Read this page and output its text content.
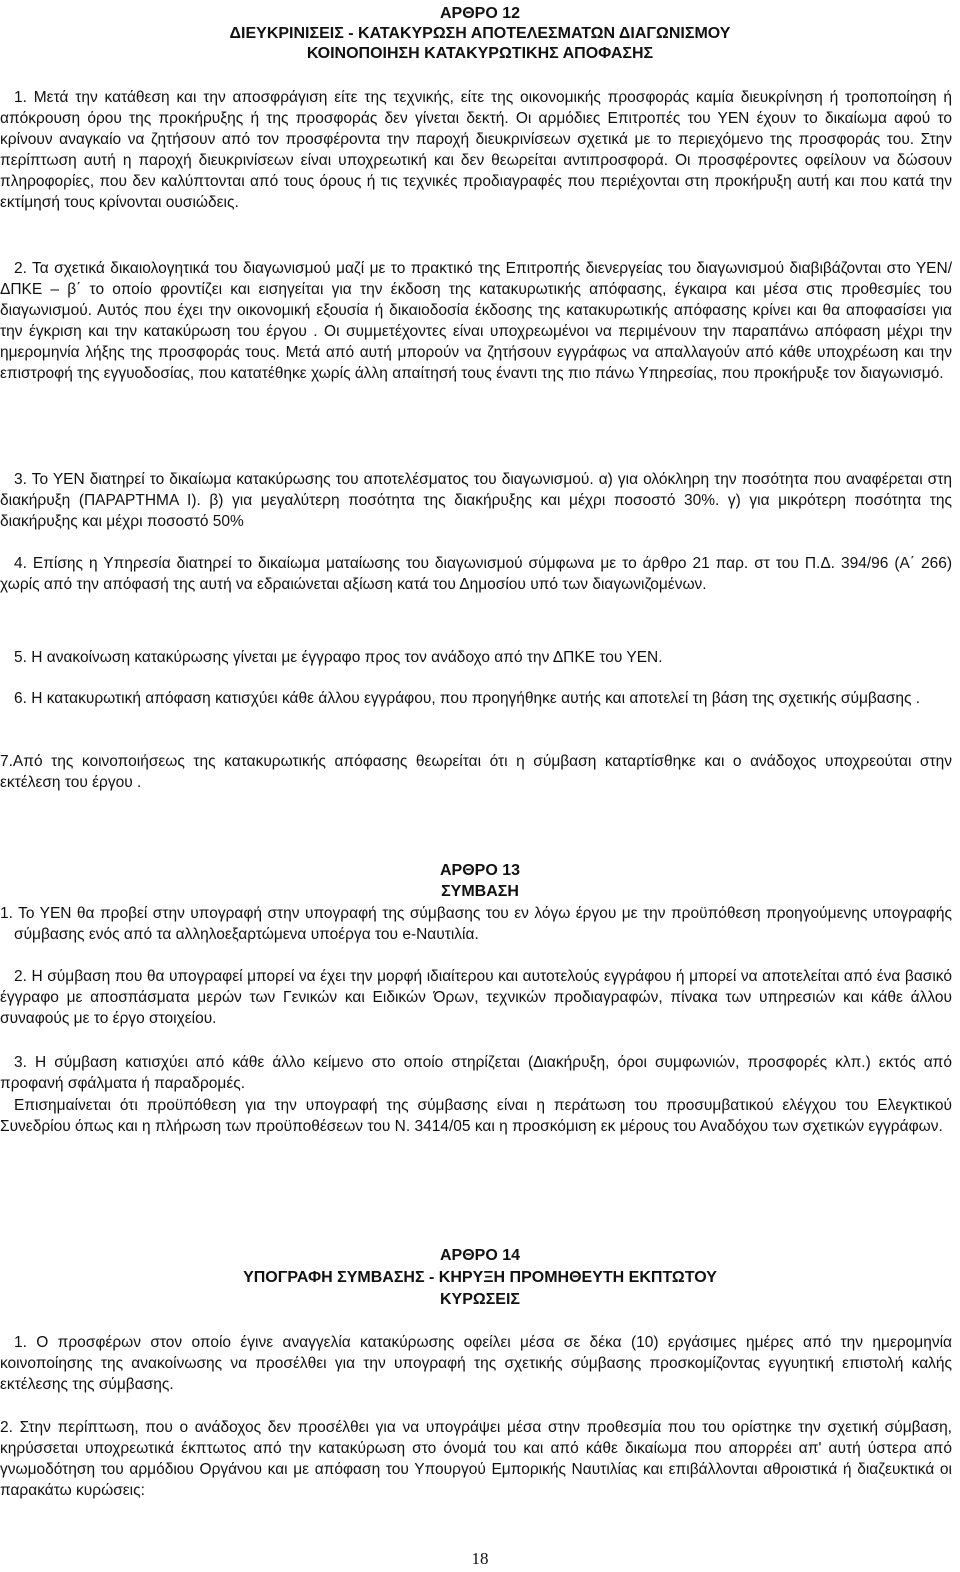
ΑΡΘΡΟ 12

ΔΙΕΥΚΡΙΝΙΣΕΙΣ - ΚΑΤΑΚΥΡΩΣΗ ΑΠΟΤΕΛΕΣΜΑΤΩΝ ΔΙΑΓΩΝΙΣΜΟΥ

ΚΟΙΝΟΠΟΙΗΣΗ ΚΑΤΑΚΥΡΩΤΙΚΗΣ ΑΠΟΦΑΣΗΣ

1. Μετά την κατάθεση και την αποσφράγιση είτε της τεχνικής, είτε της οικονομικής προσφοράς καμία διευκρίνηση ή τροποποίηση ή απόκρουση όρου της προκήρυξης ή της προσφοράς δεν γίνεται δεκτή. Οι αρμόδιες Επιτροπές του ΥΕΝ έχουν το δικαίωμα αφού το κρίνουν αναγκαίο να ζητήσουν από τον προσφέροντα την παροχή διευκρινίσεων σχετικά με το περιεχόμενο της προσφοράς του. Στην περίπτωση αυτή η παροχή διευκρινίσεων είναι υποχρεωτική και δεν θεωρείται αντιπροσφορά. Οι προσφέροντες οφείλουν να δώσουν πληροφορίες, που δεν καλύπτονται από τους όρους ή τις τεχνικές προδιαγραφές που περιέχονται στη προκήρυξη αυτή και που κατά την εκτίμησή τους κρίνονται ουσιώδεις.

2. Τα σχετικά δικαιολογητικά του διαγωνισμού μαζί με το πρακτικό της Επιτροπής διενεργείας του διαγωνισμού διαβιβάζονται στο ΥΕΝ/ΔΠΚΕ – β΄ το οποίο φροντίζει και εισηγείται για την έκδοση της κατακυρωτικής απόφασης, έγκαιρα και μέσα στις προθεσμίες του διαγωνισμού. Αυτός που έχει την οικονομική εξουσία ή δικαιοδοσία έκδοσης της κατακυρωτικής απόφασης κρίνει και θα αποφασίσει για την έγκριση και την κατακύρωση του έργου . Οι συμμετέχοντες είναι υποχρεωμένοι να περιμένουν την παραπάνω απόφαση μέχρι την ημερομηνία λήξης της προσφοράς τους. Μετά από αυτή μπορούν να ζητήσουν εγγράφως να απαλλαγούν από κάθε υποχρέωση και την επιστροφή της εγγυοδοσίας, που κατατέθηκε χωρίς άλλη απαίτησή τους έναντι της πιο πάνω Υπηρεσίας, που προκήρυξε τον διαγωνισμό.

3. Το ΥΕΝ διατηρεί το δικαίωμα κατακύρωσης του αποτελέσματος του διαγωνισμού. α) για ολόκληρη την ποσότητα που αναφέρεται στη διακήρυξη (ΠΑΡΑΡΤΗΜΑ Ι). β) για μεγαλύτερη ποσότητα της διακήρυξης και μέχρι ποσοστό 30%. γ) για μικρότερη ποσότητα της διακήρυξης και μέχρι ποσοστό 50%

4. Επίσης η Υπηρεσία διατηρεί το δικαίωμα ματαίωσης του διαγωνισμού σύμφωνα με το άρθρο 21 παρ. στ του Π.Δ. 394/96 (Α΄ 266) χωρίς από την απόφασή της αυτή να εδραιώνεται αξίωση κατά του Δημοσίου υπό των διαγωνιζομένων.

5. Η ανακοίνωση κατακύρωσης γίνεται με έγγραφο προς τον ανάδοχο από την ΔΠΚΕ του ΥΕΝ.

6. Η κατακυρωτική απόφαση κατισχύει κάθε άλλου εγγράφου, που προηγήθηκε αυτής και αποτελεί τη βάση της σχετικής σύμβασης .

7.Από της κοινοποιήσεως της κατακυρωτικής απόφασης θεωρείται ότι η σύμβαση καταρτίσθηκε και ο ανάδοχος υποχρεούται στην εκτέλεση του έργου .

ΑΡΘΡΟ 13

ΣΥΜΒΑΣΗ

1. Το ΥΕΝ θα προβεί στην υπογραφή στην υπογραφή της σύμβασης του εν λόγω έργου με την προϋπόθεση προηγούμενης υπογραφής σύμβασης ενός από τα αλληλοεξαρτώμενα υποέργα του e-Ναυτιλία.

2. Η σύμβαση που θα υπογραφεί μπορεί να έχει την μορφή ιδιαίτερου και αυτοτελούς εγγράφου ή μπορεί να αποτελείται από ένα βασικό έγγραφο με αποσπάσματα μερών των Γενικών και Ειδικών Όρων, τεχνικών προδιαγραφών, πίνακα των υπηρεσιών και κάθε άλλου συναφούς με το έργο στοιχείου.

3. Η σύμβαση κατισχύει από κάθε άλλο κείμενο στο οποίο στηρίζεται (Διακήρυξη, όροι συμφωνιών, προσφορές κλπ.) εκτός από προφανή σφάλματα ή παραδρομές.

Επισημαίνεται ότι προϋπόθεση για την υπογραφή της σύμβασης είναι η περάτωση του προσυμβατικού ελέγχου του Ελεγκτικού Συνεδρίου όπως και η πλήρωση των προϋποθέσεων του Ν. 3414/05 και η προσκόμιση εκ μέρους του Αναδόχου των σχετικών εγγράφων.

ΑΡΘΡΟ 14

ΥΠΟΓΡΑΦΗ ΣΥΜΒΑΣΗΣ - ΚΗΡΥΞΗ ΠΡΟΜΗΘΕΥΤΗ ΕΚΠΤΩΤΟΥ

ΚΥΡΩΣΕΙΣ

1. Ο προσφέρων στον οποίο έγινε αναγγελία κατακύρωσης οφείλει μέσα σε δέκα (10) εργάσιμες ημέρες από την ημερομηνία κοινοποίησης της ανακοίνωσης να προσέλθει για την υπογραφή της σχετικής σύμβασης προσκομίζοντας εγγυητική επιστολή καλής εκτέλεσης της σύμβασης.

2. Στην περίπτωση, που ο ανάδοχος δεν προσέλθει για να υπογράψει μέσα στην προθεσμία που του ορίστηκε την σχετική σύμβαση, κηρύσσεται υποχρεωτικά έκπτωτος από την κατακύρωση στο όνομά του και από κάθε δικαίωμα που απορρέει απ' αυτή ύστερα από γνωμοδότηση του αρμόδιου Οργάνου και με απόφαση του Υπουργού Εμπορικής Ναυτιλίας και επιβάλλονται αθροιστικά ή διαζευκτικά οι παρακάτω κυρώσεις:

18
